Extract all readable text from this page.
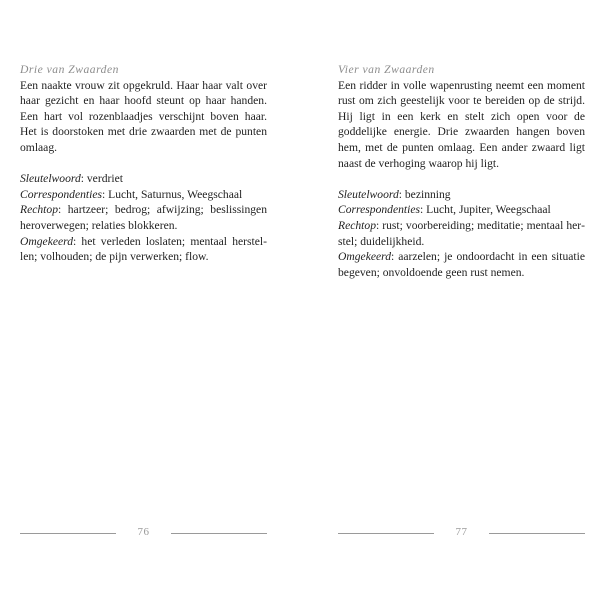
Drie van Zwaarden

Een naakte vrouw zit opgekruld. Haar haar valt over haar gezicht en haar hoofd steunt op haar handen. Een hart vol rozenblaadjes verschijnt boven haar. Het is doorstoken met drie zwaarden met de punten omlaag.

Sleutelwoord: verdriet

Correspondenties: Lucht, Saturnus, Weegschaal

Rechtop: hartzeer; bedrog; afwijzing; beslissingen heroverwegen; relaties blokkeren.

Omgekeerd: het verleden loslaten; mentaal herstellen; volhouden; de pijn verwerken; flow.

76

Vier van Zwaarden

Een ridder in volle wapenrusting neemt een moment rust om zich geestelijk voor te bereiden op de strijd. Hij ligt in een kerk en stelt zich open voor de goddelijke energie. Drie zwaarden hangen boven hem, met de punten omlaag. Een ander zwaard ligt naast de verhoging waarop hij ligt.

Sleutelwoord: bezinning

Correspondenties: Lucht, Jupiter, Weegschaal

Rechtop: rust; voorbereiding; meditatie; mentaal herstel; duidelijkheid.

Omgekeerd: aarzelen; je ondoordacht in een situatie begeven; onvoldoende geen rust nemen.

77
